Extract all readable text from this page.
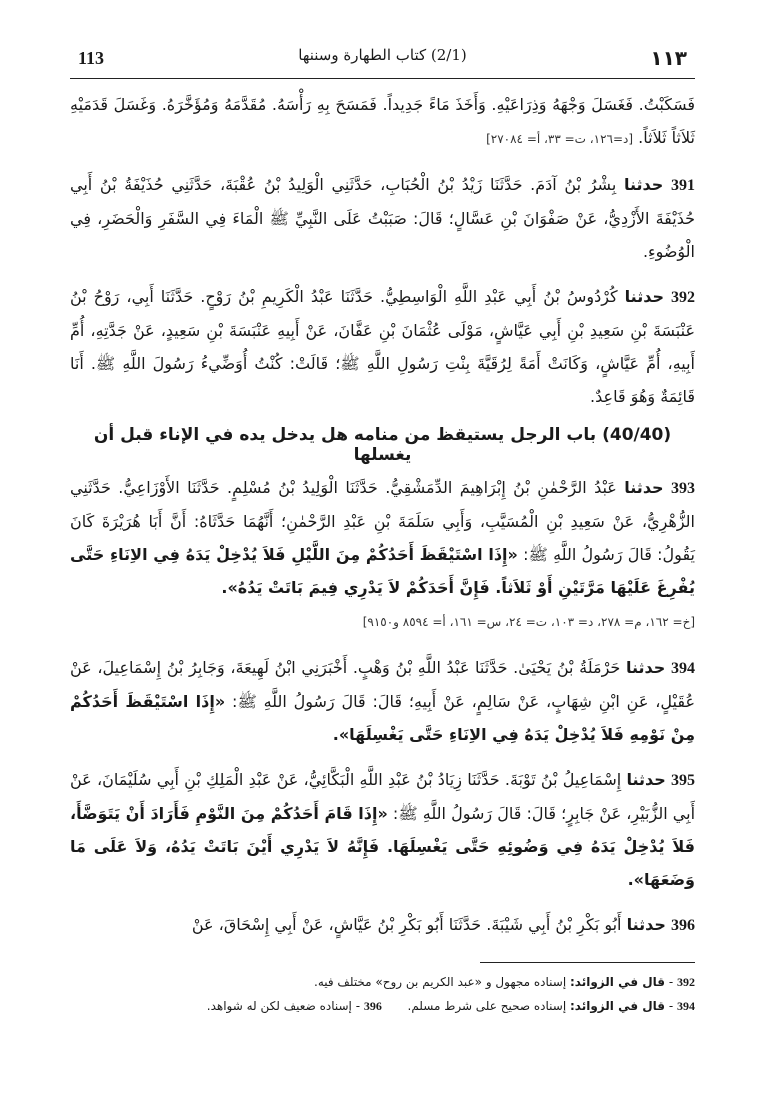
113	(2/1) كتاب الطهارة وسننها	١١٣

فَسَكَبْتُ. فَغَسَلَ وَجْهَهُ وَذِرَاعَيْهِ. وَأَخَذَ مَاءً جَدِيداً. فَمَسَحَ بِهِ رَأْسَهُ. مُقَدَّمَهُ وَمُؤَخَّرَهُ. وَغَسَلَ قَدَمَيْهِ ثَلاَثاً ثَلاَثاً. [د=١٢٦، ت= ٣٣، أ= ٢٧٠٨٤]

391 حدثنا بِشْرُ بْنُ آدَمَ. حَدَّثَنَا زَيْدُ بْنُ الْحُبَابِ، حَدَّثَنِي الْوَلِيدُ بْنُ عُقْبَةَ، حَدَّثَنِي حُذَيْفَةُ بْنُ أَبِي حُذَيْفَةَ الأَزْدِيُّ، عَنْ صَفْوَانَ بْنِ عَسَّالٍ؛ قَالَ: صَبَبْتُ عَلَى النَّبِيِّ ﷺ الْمَاءَ فِي السَّفَرِ وَالْحَضَرِ، فِي الْوُضُوءِ.

392 حدثنا كُرْدُوسُ بْنُ أَبِي عَبْدِ اللَّهِ الْوَاسِطِيُّ. حَدَّثَنَا عَبْدُ الْكَرِيمِ بْنُ رَوْحٍ. حَدَّثَنَا أَبِي، رَوْحُ بْنُ عَنْبَسَةَ بْنِ سَعِيدِ بْنِ أَبِي عَيَّاشٍ، مَوْلَى عُثْمَانَ بْنِ عَفَّانَ، عَنْ أَبِيهِ عَنْبَسَةَ بْنِ سَعِيدٍ، عَنْ جَدَّتِهِ، أُمِّ أَبِيهِ، أُمِّ عَيَّاشٍ، وَكَانَتْ أَمَةً لِرُقَيَّةَ بِنْتِ رَسُولِ اللَّهِ ﷺ؛ قَالَتْ: كُنْتُ أُوَضِّيءُ رَسُولَ اللَّهِ ﷺ. أَنَا قَائِمَةٌ وَهُوَ قَاعِدٌ.

(40/40) باب الرجل يستيقظ من منامه هل يدخل يده في الإناء قبل أن يغسلها

393 حدثنا عَبْدُ الرَّحْمٰنِ بْنُ إِبْرَاهِيمَ الدِّمَشْقِيُّ. حَدَّثَنَا الْوَلِيدُ بْنُ مُسْلِمٍ. حَدَّثَنَا الأَوْزَاعِيُّ. حَدَّثَنِي الزُّهْرِيُّ، عَنْ سَعِيدِ بْنِ الْمُسَيَّبِ، وَأَبِي سَلَمَةَ بْنِ عَبْدِ الرَّحْمٰنِ؛ أَنَّهُمَا حَدَّثَاهُ: أَنَّ أَبَا هُرَيْرَةَ كَانَ يَقُولُ: قَالَ رَسُولُ اللَّهِ ﷺ: «إِذَا اسْتَيْقَظَ أَحَدُكُمْ مِنَ اللَّيْلِ فَلاَ يُدْخِلْ يَدَهُ فِي الاِنَاءِ حَتَّى يُفْرِغَ عَلَيْهَا مَرَّتَيْنِ أَوْ ثَلاَثاً. فَإِنَّ أَحَدَكُمْ لاَ يَدْرِي فِيمَ بَاتَتْ يَدُهُ».
[خ= ١٦٢، م= ٢٧٨، د= ١٠٣، ت= ٢٤، س= ١٦١، أ= ٨٥٩٤ و٩١٥٠]

394 حدثنا حَرْمَلَةُ بْنُ يَحْيَىٰ. حَدَّثَنَا عَبْدُ اللَّهِ بْنُ وَهْبٍ. أَخْبَرَنِي ابْنُ لَهِيعَةَ، وَجَابِرُ بْنُ إِسْمَاعِيلَ، عَنْ عُقَيْلٍ، عَنِ ابْنِ شِهَابٍ، عَنْ سَالِمٍ، عَنْ أَبِيهِ؛ قَالَ: قَالَ رَسُولُ اللَّهِ ﷺ: «إِذَا اسْتَيْقَظَ أَحَدُكُمْ مِنْ نَوْمِهِ فَلاَ يُدْخِلْ يَدَهُ فِي الاِنَاءِ حَتَّى يَغْسِلَهَا».

395 حدثنا إِسْمَاعِيلُ بْنُ تَوْبَةَ. حَدَّثَنَا زِيَادُ بْنُ عَبْدِ اللَّهِ الْبَكَّائِيُّ، عَنْ عَبْدِ الْمَلِكِ بْنِ أَبِي سُلَيْمَانَ، عَنْ أَبِي الزُّبَيْرِ، عَنْ جَابِرٍ؛ قَالَ: قَالَ رَسُولُ اللَّهِ ﷺ: «إِذَا قَامَ أَحَدُكُمْ مِنَ النَّوْمِ فَأَرَادَ أَنْ يَتَوَضَّأَ، فَلاَ يُدْخِلْ يَدَهُ فِي وَضُوئِهِ حَتَّى يَغْسِلَهَا. فَإِنَّهُ لاَ يَدْرِي أَيْنَ بَاتَتْ يَدُهُ، وَلاَ عَلَى مَا وَضَعَهَا».

396 حدثنا أَبُو بَكْرِ بْنُ أَبِي شَيْبَةَ. حَدَّثَنَا أَبُو بَكْرِ بْنُ عَيَّاشٍ، عَنْ أَبِي إِسْحَاقَ، عَنْ

392 - قال في الزوائد: إسناده مجهول و «عبد الكريم بن روح» مختلف فيه.
394 - قال في الزوائد: إسناده صحيح على شرط مسلم.  396 - إسناده ضعيف لكن له شواهد.
